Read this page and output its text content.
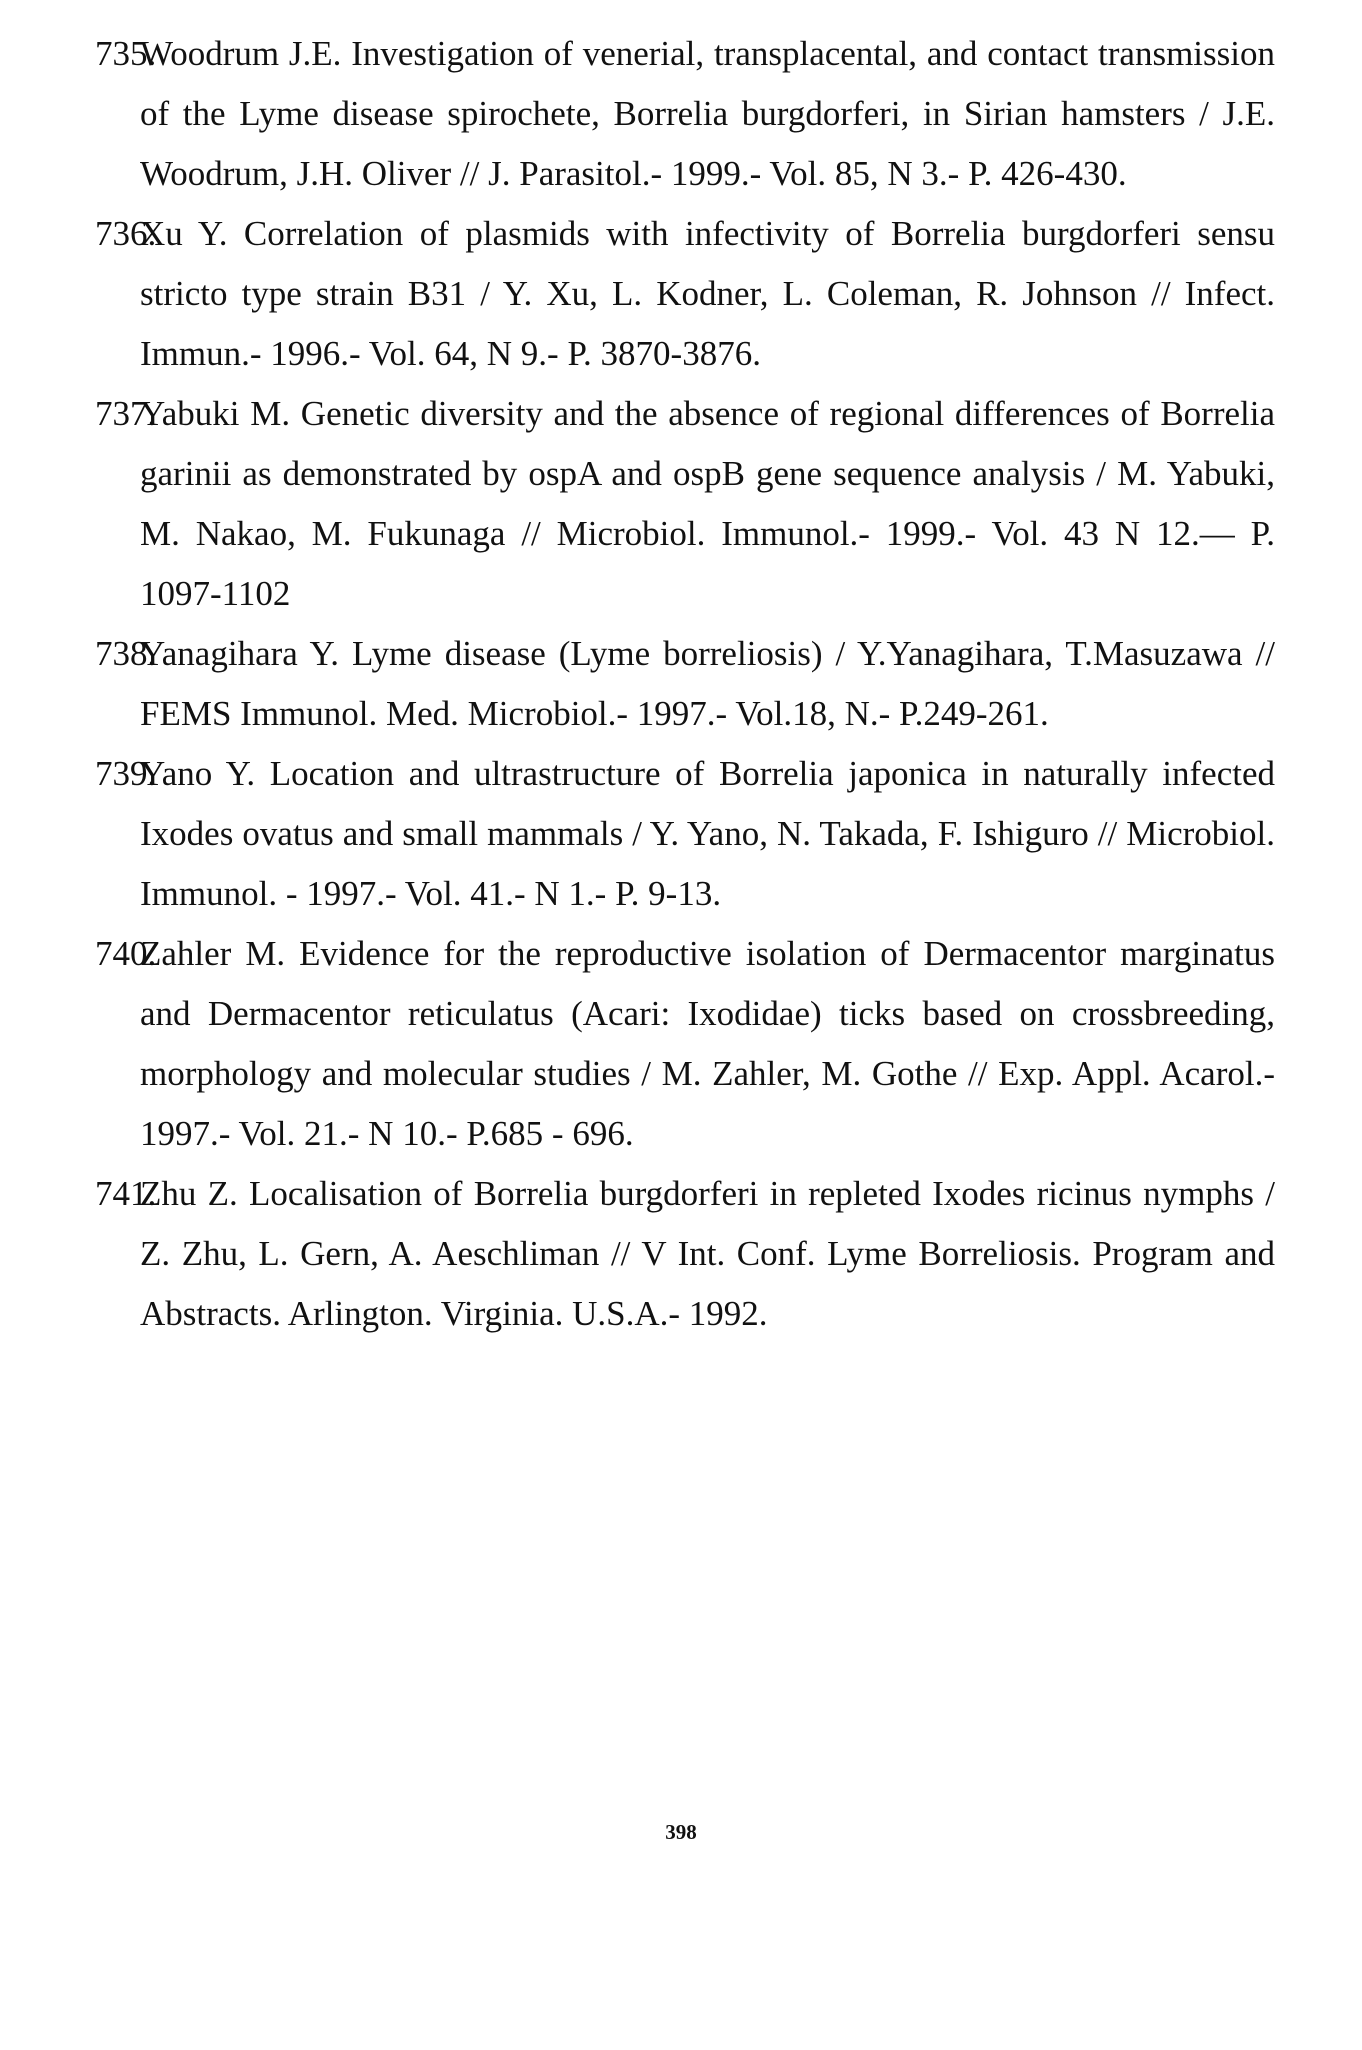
735.
Woodrum J.E. Investigation of venerial, transplacental, and contact transmission of the Lyme disease spirochete, Borrelia burgdorferi, in Sirian hamsters / J.E. Woodrum, J.H. Oliver // J. Parasitol.- 1999.- Vol. 85, N 3.- P. 426-430.
736.
Xu Y. Correlation of plasmids with infectivity of Borrelia burgdorferi sensu stricto type strain B31 / Y. Xu, L. Kodner, L. Coleman, R. Johnson // Infect. Immun.- 1996.- Vol. 64, N 9.- P. 3870-3876.
737.
Yabuki M. Genetic diversity and the absence of regional differences of Borrelia garinii as demonstrated by ospA and ospB gene sequence analysis / M. Yabuki, M. Nakao, M. Fukunaga // Microbiol. Immunol.- 1999.- Vol. 43 N 12.— P. 1097-1102
738.
Yanagihara Y. Lyme disease (Lyme borreliosis) / Y.Yanagihara, T.Masuzawa // FEMS Immunol. Med. Microbiol.- 1997.- Vol.18, N.- P.249-261.
739.
Yano Y. Location and ultrastructure of Borrelia japonica in naturally infected Ixodes ovatus and small mammals / Y. Yano, N. Takada, F. Ishiguro // Microbiol. Immunol. - 1997.- Vol. 41.- N 1.- P. 9-13.
740.
Zahler M. Evidence for the reproductive isolation of Dermacentor marginatus and Dermacentor reticulatus (Acari: Ixodidae) ticks based on crossbreeding, morphology and molecular studies / M. Zahler, M. Gothe // Exp. Appl. Acarol.- 1997.- Vol. 21.- N 10.- P.685 - 696.
741.
Zhu Z. Localisation of Borrelia burgdorferi in repleted Ixodes ricinus nymphs / Z. Zhu, L. Gern, A. Aeschliman // V Int. Conf. Lyme Borreliosis. Program and Abstracts. Arlington. Virginia. U.S.A.- 1992.
398
